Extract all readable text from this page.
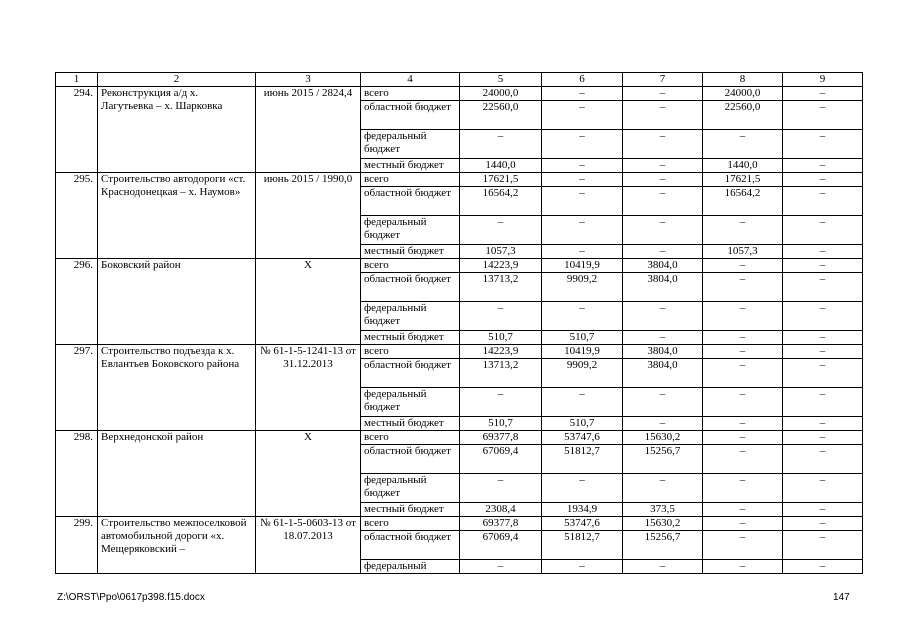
1	2	3	4	5	6	7	8	9
294.	Реконструкция а/д х. Лагутьевка – х. Шарковка	июнь 2015 / 2824,4	всего	24000,0	–	–	24000,0	–
			областной бюджет	22560,0	–	–	22560,0	–
			федеральный бюджет	–	–	–	–	–
			местный бюджет	1440,0	–	–	1440,0	–
295.	Строительство автодороги «ст. Краснодонецкая – х. Наумов»	июнь 2015 / 1990,0	всего	17621,5	–	–	17621,5	–
			областной бюджет	16564,2	–	–	16564,2	–
			федеральный бюджет	–	–	–	–	–
			местный бюджет	1057,3	–	–	1057,3	–
296.	Боковский район	Х	всего	14223,9	10419,9	3804,0	–	–
			областной бюджет	13713,2	9909,2	3804,0	–	–
			федеральный бюджет	–	–	–	–	–
			местный бюджет	510,7	510,7	–	–	–
297.	Строительство подъезда к х. Евлантьев Боковского района	№ 61-1-5-1241-13 от 31.12.2013	всего	14223,9	10419,9	3804,0	–	–
			областной бюджет	13713,2	9909,2	3804,0	–	–
			федеральный бюджет	–	–	–	–	–
			местный бюджет	510,7	510,7	–	–	–
298.	Верхнедонской район	Х	всего	69377,8	53747,6	15630,2	–	–
			областной бюджет	67069,4	51812,7	15256,7	–	–
			федеральный бюджет	–	–	–	–	–
			местный бюджет	2308,4	1934,9	373,5	–	–
299.	Строительство межпоселковой автомобильной дороги «х. Мещеряковский –	№ 61-1-5-0603-13 от 18.07.2013	всего	69377,8	53747,6	15630,2	–	–
			областной бюджет	67069,4	51812,7	15256,7	–	–
			федеральный	–	–	–	–	–
Z:\ORST\Ppo\0617p398.f15.docx	147
